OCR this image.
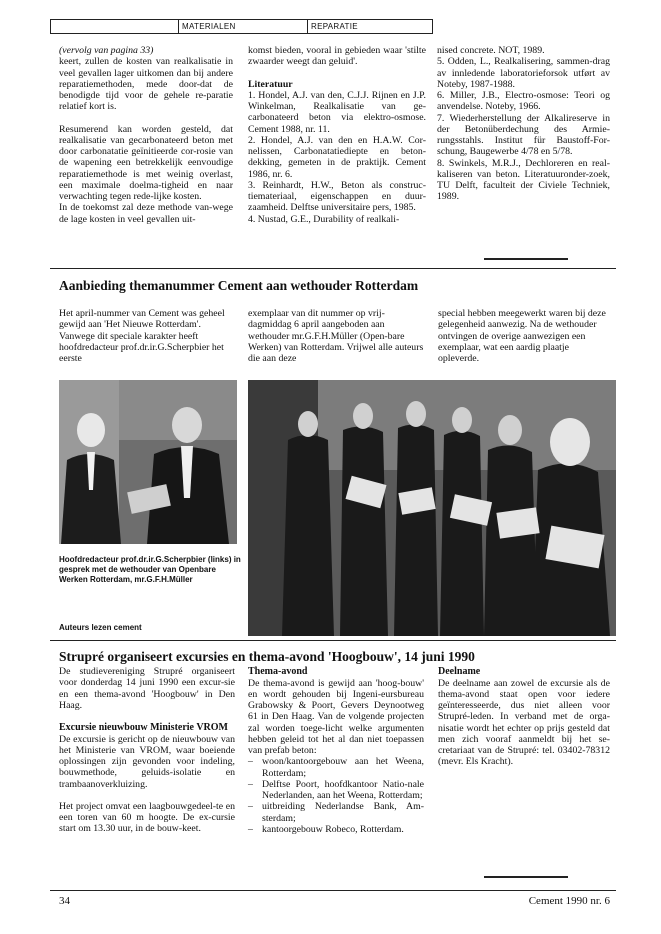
MATERIALEN	REPARATIE

(vervolg van pagina 33)

keert, zullen de kosten van realkalisatie in veel gevallen lager uitkomen dan bij andere reparatiemethoden, mede door-dat de benodigde tijd voor de gehele re-paratie relatief kort is.

Resumerend kan worden gesteld, dat realkalisatie van gecarbonateerd beton met door carbonatatie geïnitieerde cor-rosie van de wapening een betrekkelijk eenvoudige reparatiemethode is met weinig overlast, een maximale doelma-tigheid en naar verwachting tegen rede-lijke kosten.

In de toekomst zal deze methode van-wege de lage kosten in veel gevallen uit-

komst bieden, vooral in gebieden waar 'stilte zwaarder weegt dan geluid'.

Literatuur

1. Hondel, A.J. van den, C.J.J. Rijnen en J.P. Winkelman, Realkalisatie van ge-carbonateerd beton via elektro-osmose. Cement 1988, nr. 11.

2. Hondel, A.J. van den en H.A.W. Cor-nelissen, Carbonatatiediepte en beton-dekking, gemeten in de praktijk. Cement 1986, nr. 6.

3. Reinhardt, H.W., Beton als construc-tiemateriaal, eigenschappen en duur-zaamheid. Delftse universitaire pers, 1985.

4. Nustad, G.E., Durability of realkali-

nised concrete. NOT, 1989.

5. Odden, L., Realkalisering, sammen-drag av innledende laboratorieforsok utført av Noteby, 1987-1988.

6. Miller, J.B., Electro-osmose: Teori og anvendelse. Noteby, 1966.

7. Wiederherstellung der Alkalireserve in der Betonüberdechung des Armie-rungsstahls. Institut für Baustoff-For-schung, Baugewerbe 4/78 en 5/78.

8. Swinkels, M.R.J., Dechloreren en real-kaliseren van beton. Literatuuronder-zoek, TU Delft, faculteit der Civiele Techniek, 1989.

Aanbieding themanummer Cement aan wethouder Rotterdam
Het april-nummer van Cement was geheel gewijd aan 'Het Nieuwe Rotterdam'. Vanwege dit speciale karakter heeft hoofdredacteur prof.dr.ir.G.Scherpbier het eerste
exemplaar van dit nummer op vrij-dagmiddag 6 april aangeboden aan wethouder mr.G.F.H.Müller (Open-bare Werken) van Rotterdam. Vrijwel alle auteurs die aan deze
special hebben meegewerkt waren bij deze gelegenheid aanwezig. Na de wethouder ontvingen de overige aanwezigen een exemplaar, wat een aardig plaatje opleverde.
Hoofdredacteur prof.dr.ir.G.Scherpbier (links) in gesprek met de wethouder van Openbare Werken Rotterdam, mr.G.F.H.Müller
Auteurs lezen cement
Strupré organiseert excursies en thema-avond 'Hoogbouw', 14 juni 1990

De studievereniging Strupré organiseert voor donderdag 14 juni 1990 een excur-sie en een thema-avond 'Hoogbouw' in Den Haag.

Excursie nieuwbouw Ministerie VROM

De excursie is gericht op de nieuwbouw van het Ministerie van VROM, waar boeiende oplossingen zijn gevonden voor indeling, bouwmethode, geluids-isolatie en trambaanoverkluizing.

Het project omvat een laagbouwgedeel-te en een toren van 60 m hoogte. De ex-cursie start om 13.30 uur, in de bouw-keet.

Thema-avond

De thema-avond is gewijd aan 'hoog-bouw' en wordt gehouden bij Ingeni-eursbureau Grabowsky & Poort, Gevers Deynootweg 61 in Den Haag. Van de volgende projecten zal worden toege-licht welke argumenten hebben geleid tot het al dan niet toepassen van prefab beton:

– woon/kantoorgebouw aan het Weena, Rotterdam;
– Delftse Poort, hoofdkantoor Natio-nale Nederlanden, aan het Weena, Rotterdam;
– uitbreiding Nederlandse Bank, Am-sterdam;
– kantoorgebouw Robeco, Rotterdam.

Deelname

De deelname aan zowel de excursie als de thema-avond staat open voor iedere geïnteresseerde, dus niet alleen voor Strupré-leden. In verband met de orga-nisatie wordt het echter op prijs gesteld dat men zich vooraf aanmeldt bij het se-cretariaat van de Strupré: tel. 03402-78312 (mevr. Els Kracht).

34	Cement 1990 nr. 6
